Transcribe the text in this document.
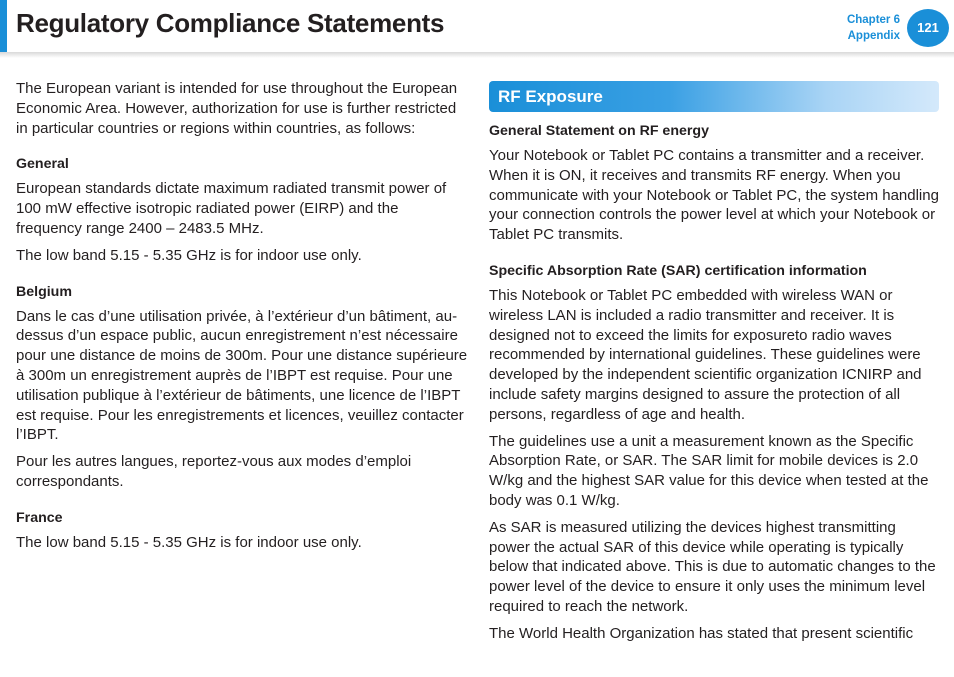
Regulatory Compliance Statements	Chapter 6
Appendix
121

The European variant is intended for use throughout the European Economic Area. However, authorization for use is further restricted in particular countries or regions within countries, as follows:

General

European standards dictate maximum radiated transmit power of 100 mW effective isotropic radiated power (EIRP) and the frequency range 2400 – 2483.5 MHz.

The low band 5.15 - 5.35 GHz is for indoor use only.

Belgium

Dans le cas d’une utilisation privée, à l’extérieur d’un bâtiment, au-dessus d’un espace public, aucun enregistrement n’est nécessaire pour une distance de moins de 300m. Pour une distance supérieure à 300m un enregistrement auprès de l’IBPT est requise. Pour une utilisation publique à l’extérieur de bâtiments, une licence de l’IBPT est requise. Pour les enregistrements et licences, veuillez contacter l’IBPT.

Pour les autres langues, reportez-vous aux modes d’emploi correspondants.

France

The low band 5.15 - 5.35 GHz is for indoor use only.

RF Exposure
General Statement on RF energy

Your Notebook or Tablet PC contains a transmitter and a receiver. When it is ON, it receives and transmits RF energy. When you communicate with your Notebook or Tablet PC, the system handling your connection controls the power level at which your Notebook or Tablet PC transmits.

Specific Absorption Rate (SAR) certification information

This Notebook or Tablet PC embedded with wireless WAN or wireless LAN is included a radio transmitter and receiver. It is designed not to exceed the limits for exposureto radio waves recommended by international guidelines. These guidelines were developed by the independent scientific organization ICNIRP and include safety margins designed to assure the protection of all persons, regardless of age and health.

The guidelines use a unit a measurement known as the Specific Absorption Rate, or SAR. The SAR limit for mobile devices is 2.0 W/kg and the highest SAR value for this device when tested at the body was 0.1 W/kg.

As SAR is measured utilizing the devices highest transmitting power the actual SAR of this device while operating is typically below that indicated above. This is due to automatic changes to the power level of the device to ensure it only uses the minimum level required to reach the network.

The World Health Organization has stated that present scientific
